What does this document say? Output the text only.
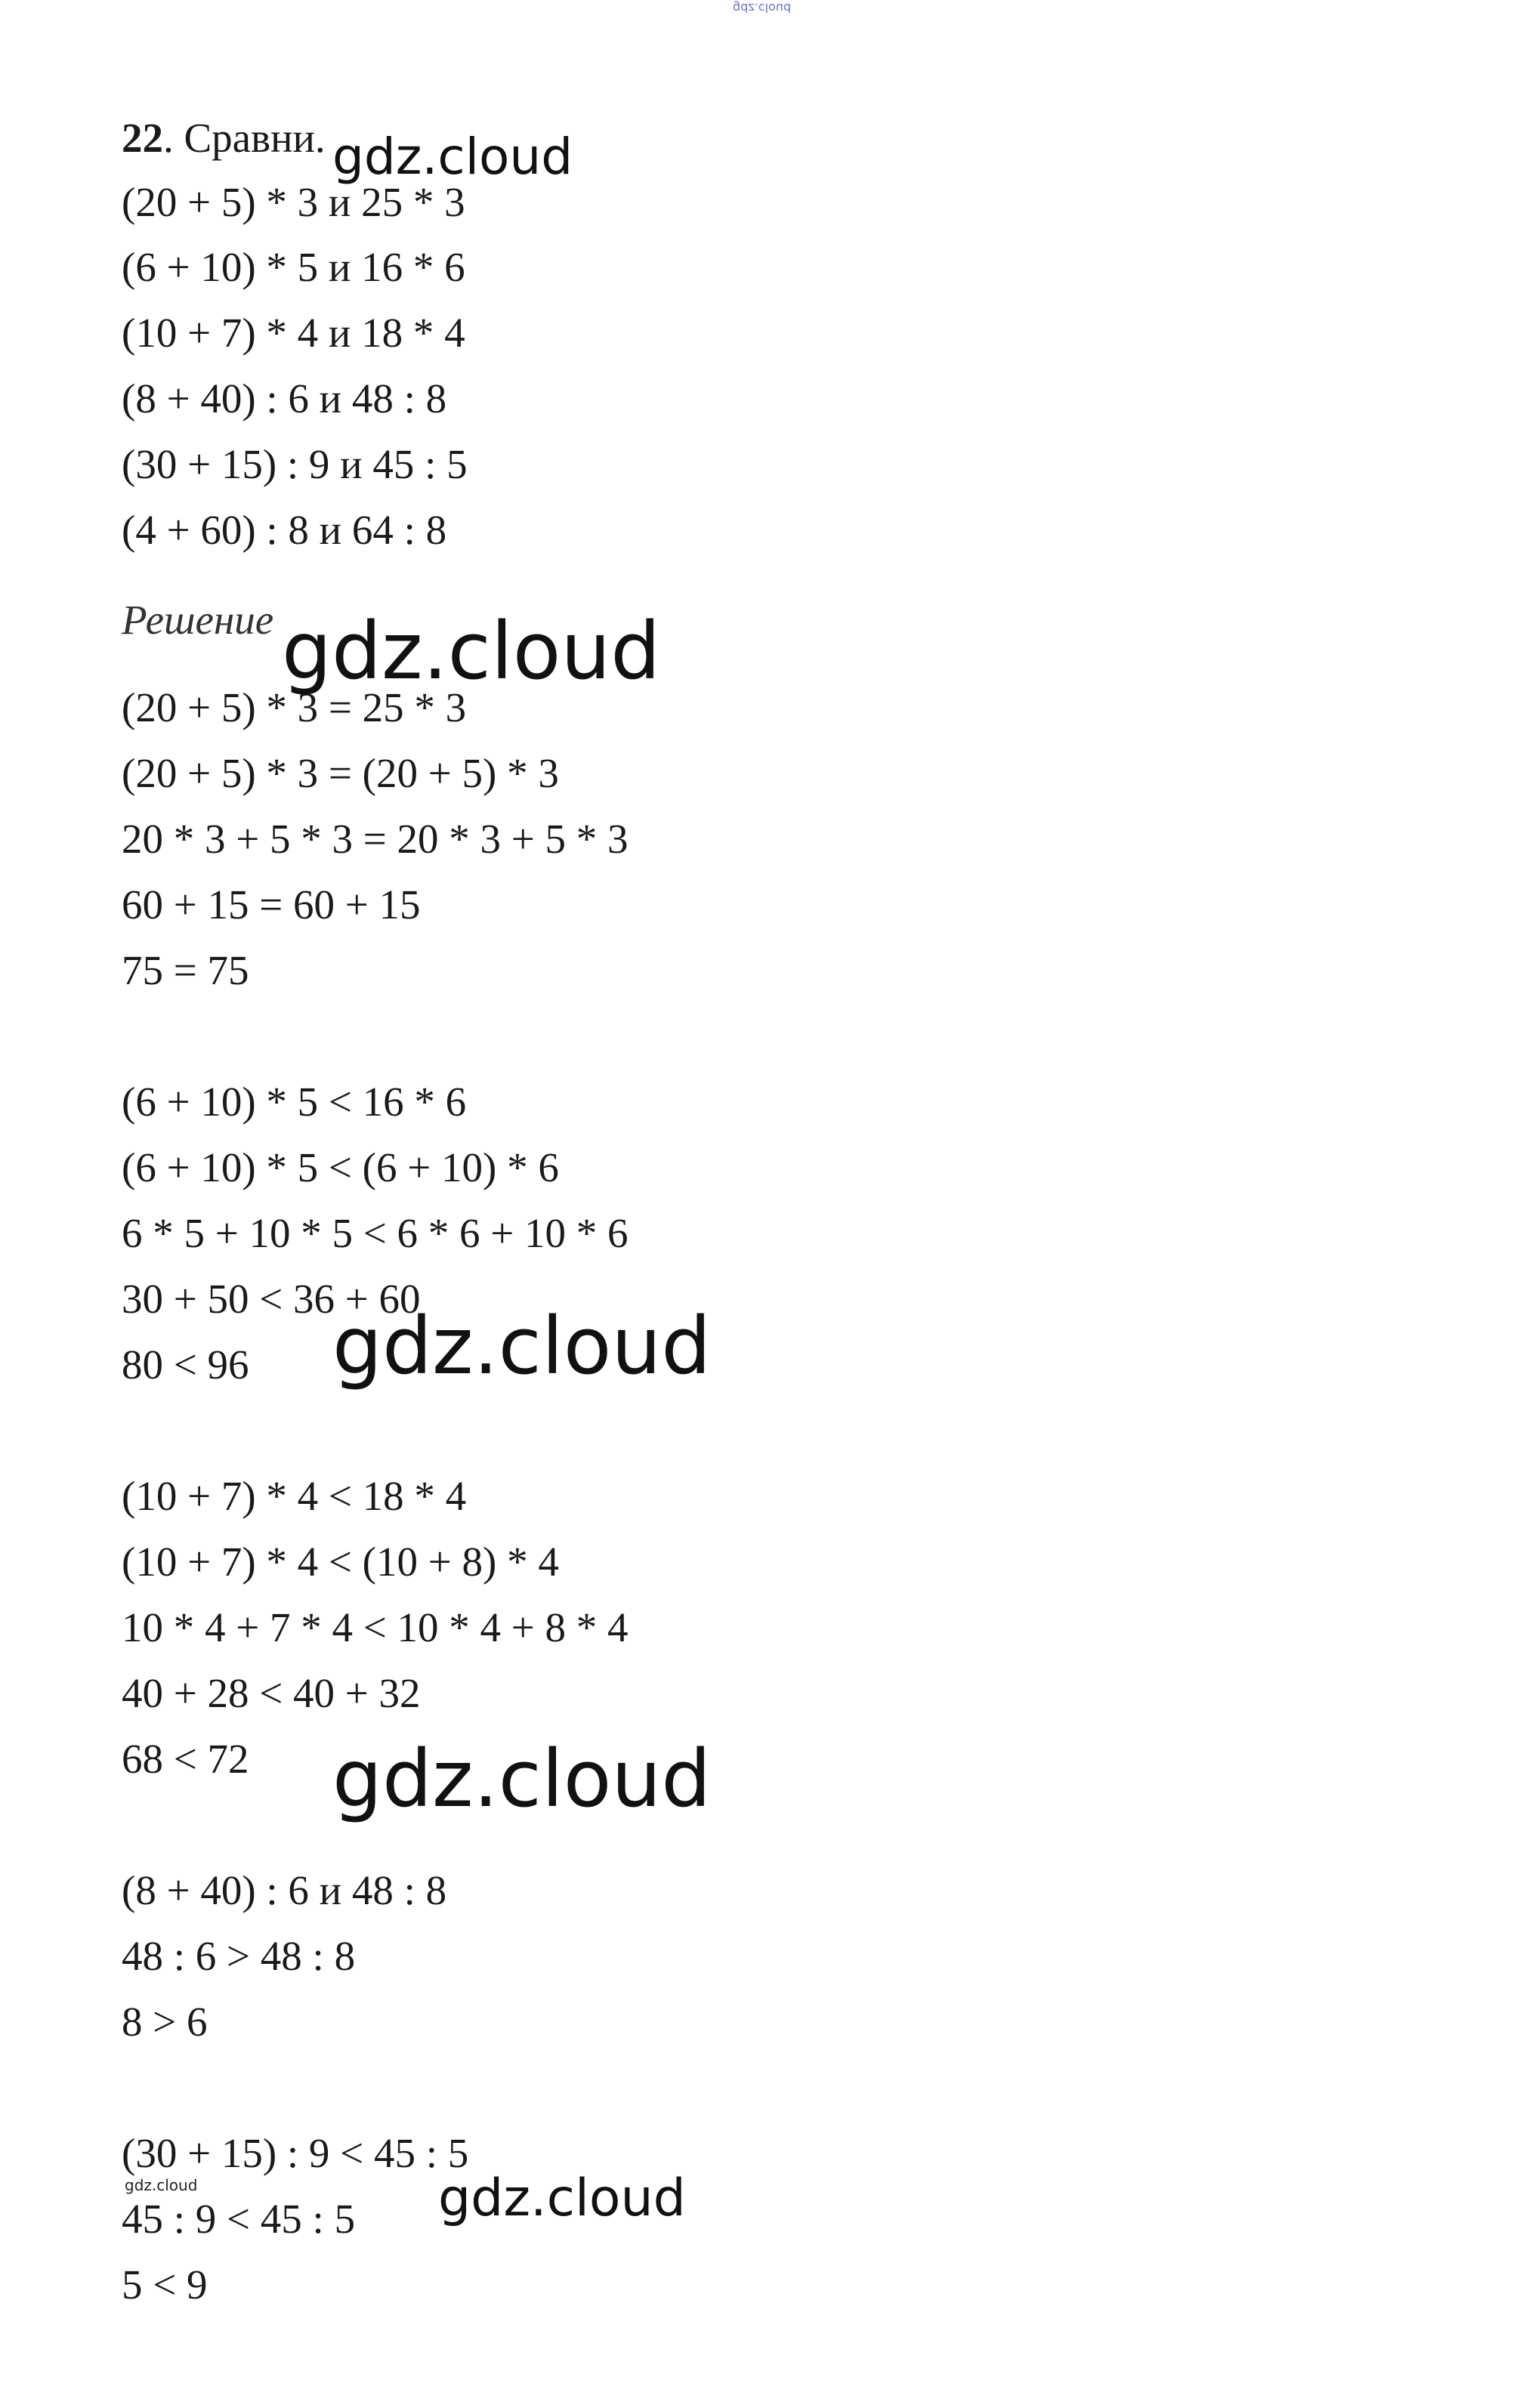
gdz.cloud
22. Сравни.
(20 + 5) * 3 и 25 * 3
(6 + 10) * 5 и 16 * 6
(10 + 7) * 4 и 18 * 4
(8 + 40) : 6 и 48 : 8
(30 + 15) : 9 и 45 : 5
(4 + 60) : 8 и 64 : 8
Решение
(20 + 5) * 3 = 25 * 3
(20 + 5) * 3 = (20 + 5) * 3
20 * 3 + 5 * 3 = 20 * 3 + 5 * 3
60 + 15 = 60 + 15
75 = 75
(6 + 10) * 5 < 16 * 6
(6 + 10) * 5 < (6 + 10) * 6
6 * 5 + 10 * 5 < 6 * 6 + 10 * 6
30 + 50 < 36 + 60
80 < 96
(10 + 7) * 4 < 18 * 4
(10 + 7) * 4 < (10 + 8) * 4
10 * 4 + 7 * 4 < 10 * 4 + 8 * 4
40 + 28 < 40 + 32
68 < 72
(8 + 40) : 6 и 48 : 8
48 : 6 > 48 : 8
8 > 6
(30 + 15) : 9 < 45 : 5
45 : 9 < 45 : 5
5 < 9
gdz.cloud
gdz.cloud
gdz.cloud
gdz.cloud
gdz.cloud
gdz.cloud
